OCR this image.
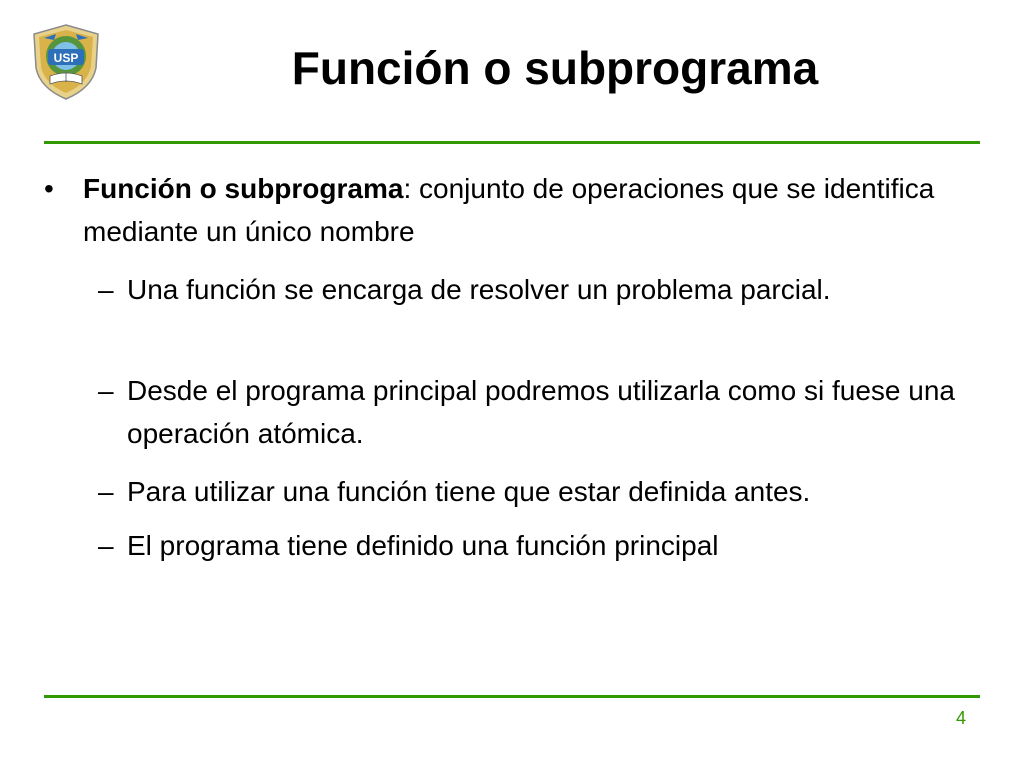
USP	Función o subprograma
• Función o subprograma: conjunto de operaciones que se identifica mediante un único nombre
– Una función se encarga de resolver un problema parcial.
– Desde el programa principal podremos utilizarla como si fuese una operación atómica.
– Para utilizar una función tiene que estar definida antes.
– El programa tiene definido una función principal
4
